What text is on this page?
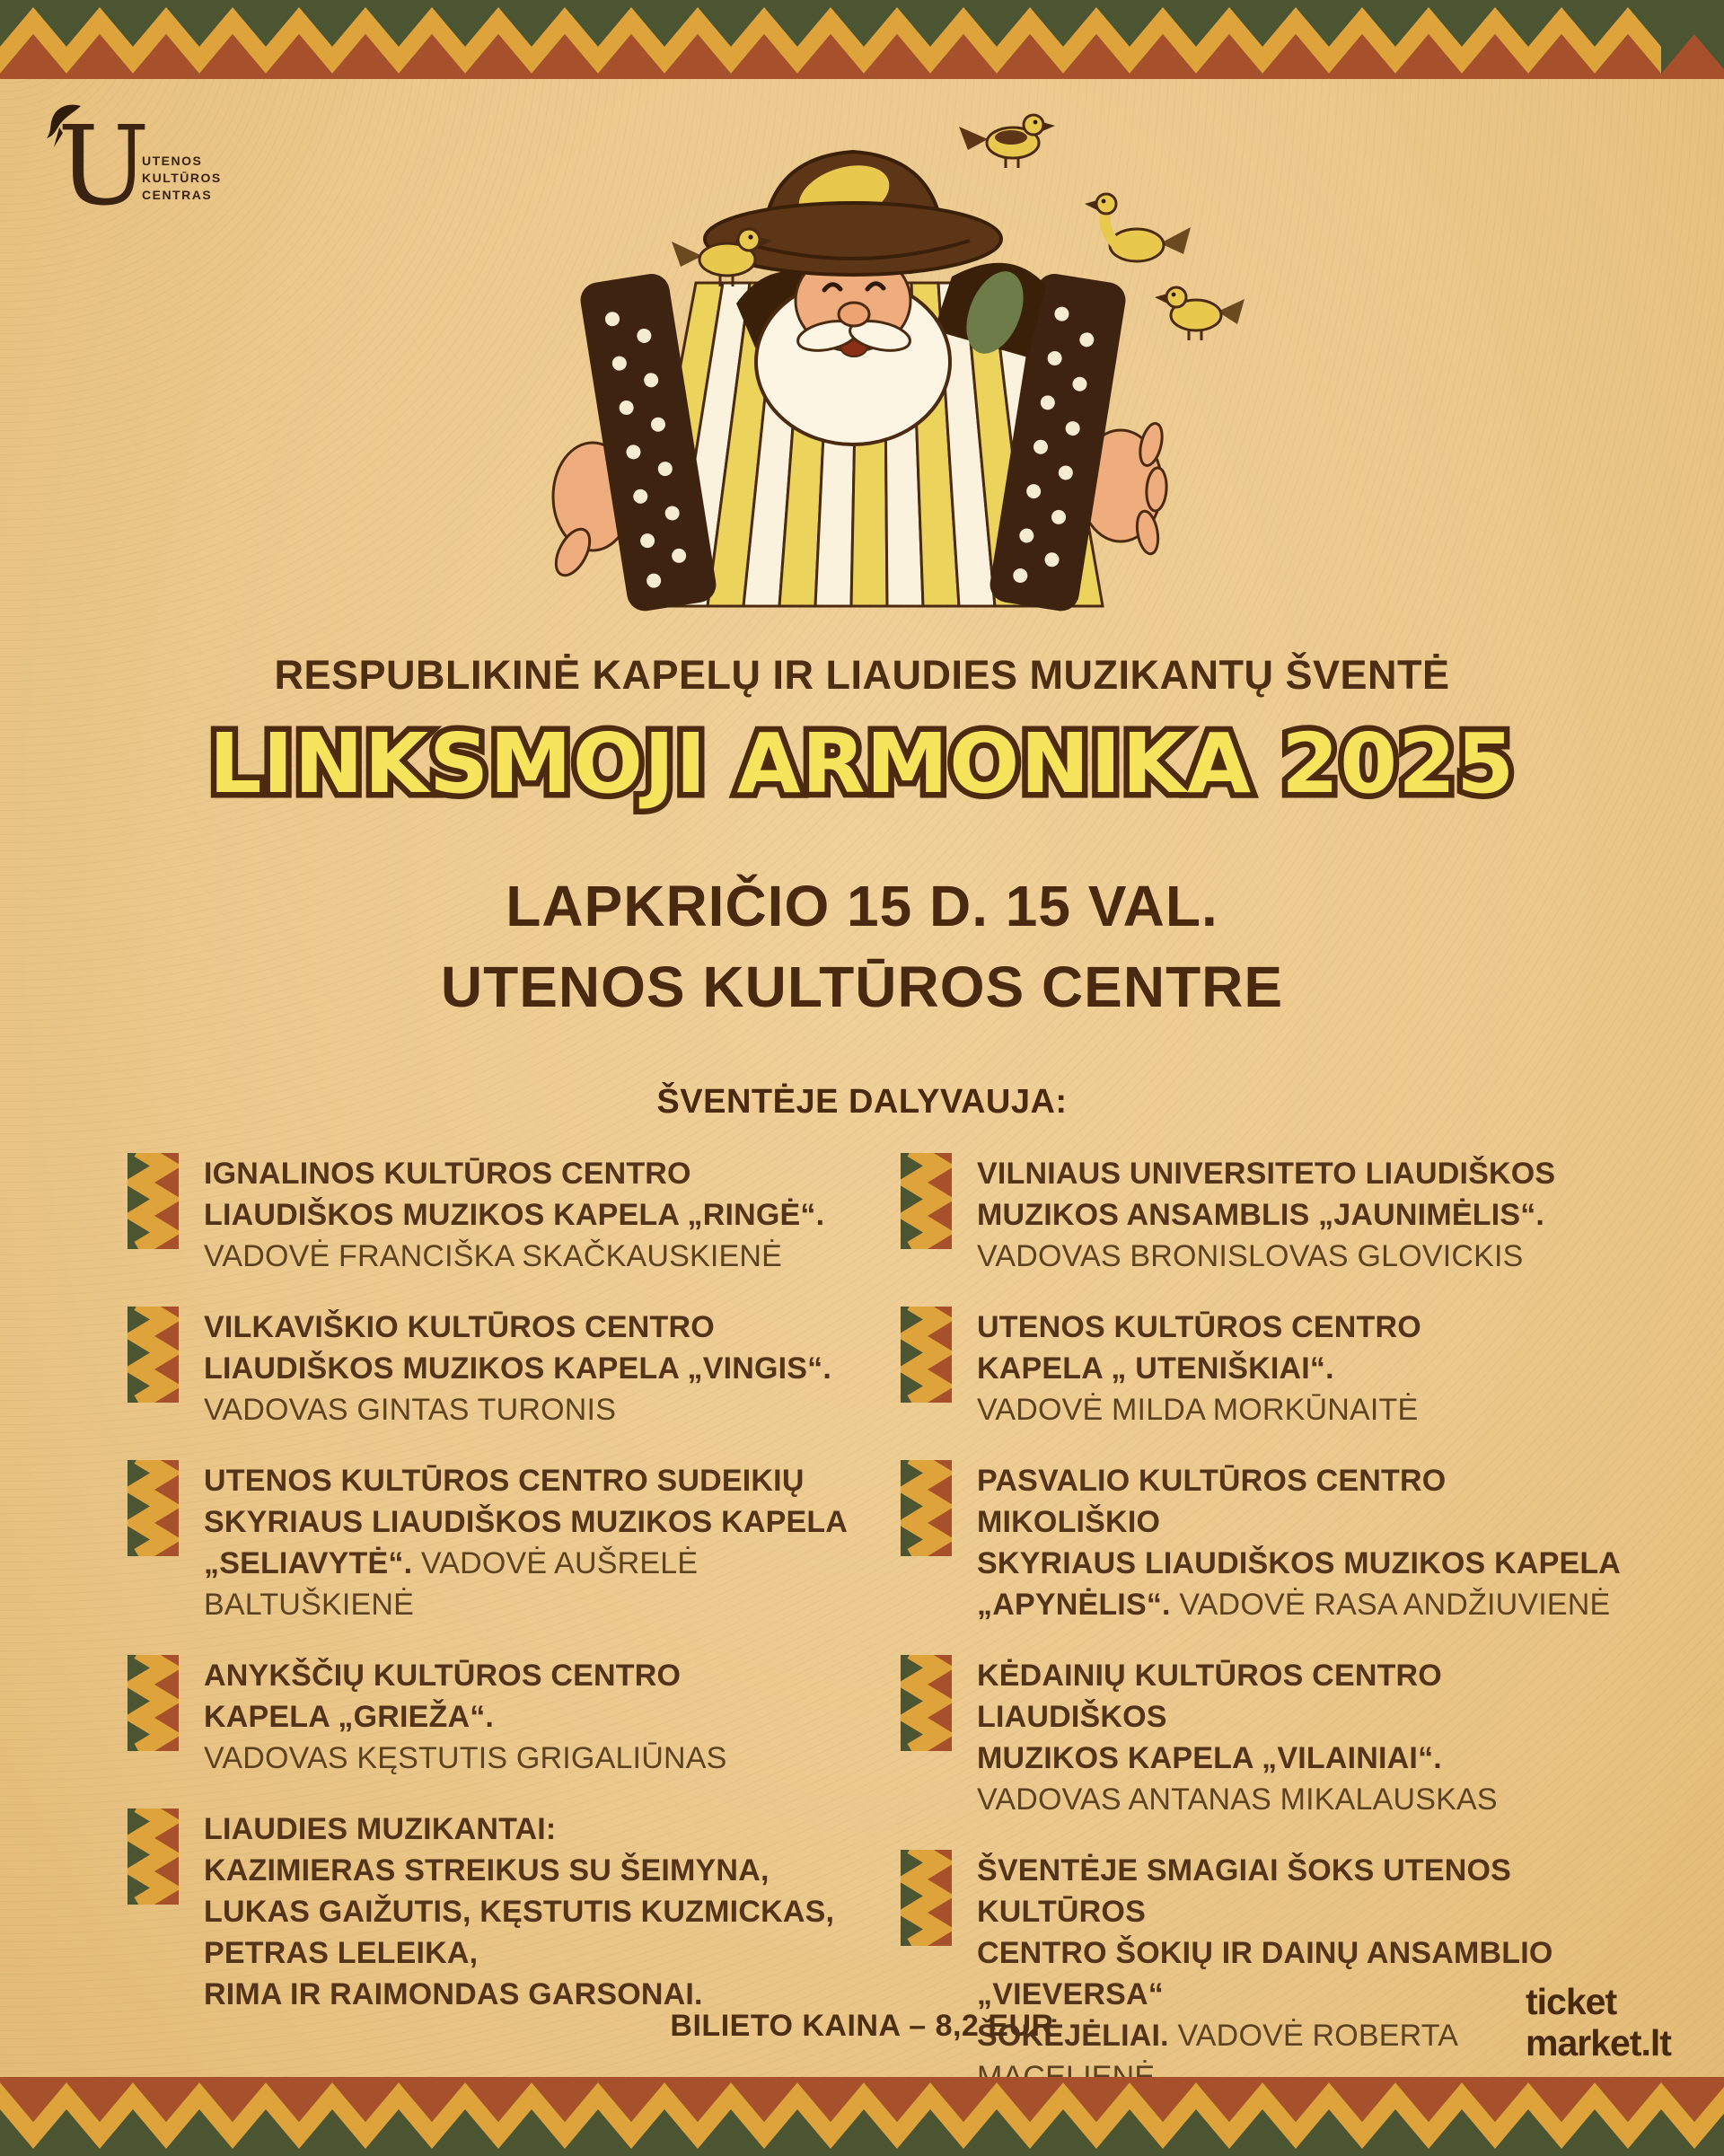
U
UTENOS
KULTŪROS
CENTRAS
RESPUBLIKINĖ KAPELŲ IR LIAUDIES MUZIKANTŲ ŠVENTĖ
LINKSMOJI ARMONIKA 2025 LINKSMOJI ARMONIKA 2025
LAPKRIČIO 15 D. 15 VAL.
UTENOS KULTŪROS CENTRE
ŠVENTĖJE DALYVAUJA:
IGNALINOS KULTŪROS CENTRO
LIAUDIŠKOS MUZIKOS KAPELA „RINGĖ“.
VADOVĖ FRANCIŠKA SKAČKAUSKIENĖ
VILKAVIŠKIO KULTŪROS CENTRO
LIAUDIŠKOS MUZIKOS KAPELA „VINGIS“.
VADOVAS GINTAS TURONIS
UTENOS KULTŪROS CENTRO SUDEIKIŲ
SKYRIAUS LIAUDIŠKOS MUZIKOS KAPELA
„SELIAVYTĖ“. VADOVĖ AUŠRELĖ BALTUŠKIENĖ
ANYKŠČIŲ KULTŪROS CENTRO
KAPELA „GRIEŽA“.
VADOVAS KĘSTUTIS GRIGALIŪNAS
LIAUDIES MUZIKANTAI:
KAZIMIERAS STREIKUS SU ŠEIMYNA,
LUKAS GAIŽUTIS, KĘSTUTIS KUZMICKAS,
PETRAS LELEIKA,
RIMA IR RAIMONDAS GARSONAI.
VILNIAUS UNIVERSITETO LIAUDIŠKOS
MUZIKOS ANSAMBLIS „JAUNIMĖLIS“.
VADOVAS BRONISLOVAS GLOVICKIS
UTENOS KULTŪROS CENTRO
KAPELA „ UTENIŠKIAI“.
VADOVĖ MILDA MORKŪNAITĖ
PASVALIO KULTŪROS CENTRO MIKOLIŠKIO
SKYRIAUS LIAUDIŠKOS MUZIKOS KAPELA
„APYNĖLIS“. VADOVĖ RASA ANDŽIUVIENĖ
KĖDAINIŲ KULTŪROS CENTRO LIAUDIŠKOS
MUZIKOS KAPELA „VILAINIAI“.
VADOVAS ANTANAS MIKALAUSKAS
ŠVENTĖJE SMAGIAI ŠOKS UTENOS KULTŪROS
CENTRO ŠOKIŲ IR DAINŲ ANSAMBLIO „VIEVERSA“
ŠOKĖJĖLIAI. VADOVĖ ROBERTA
BILIETO KAINA – 8,2 EUR
ticket
market.lt
